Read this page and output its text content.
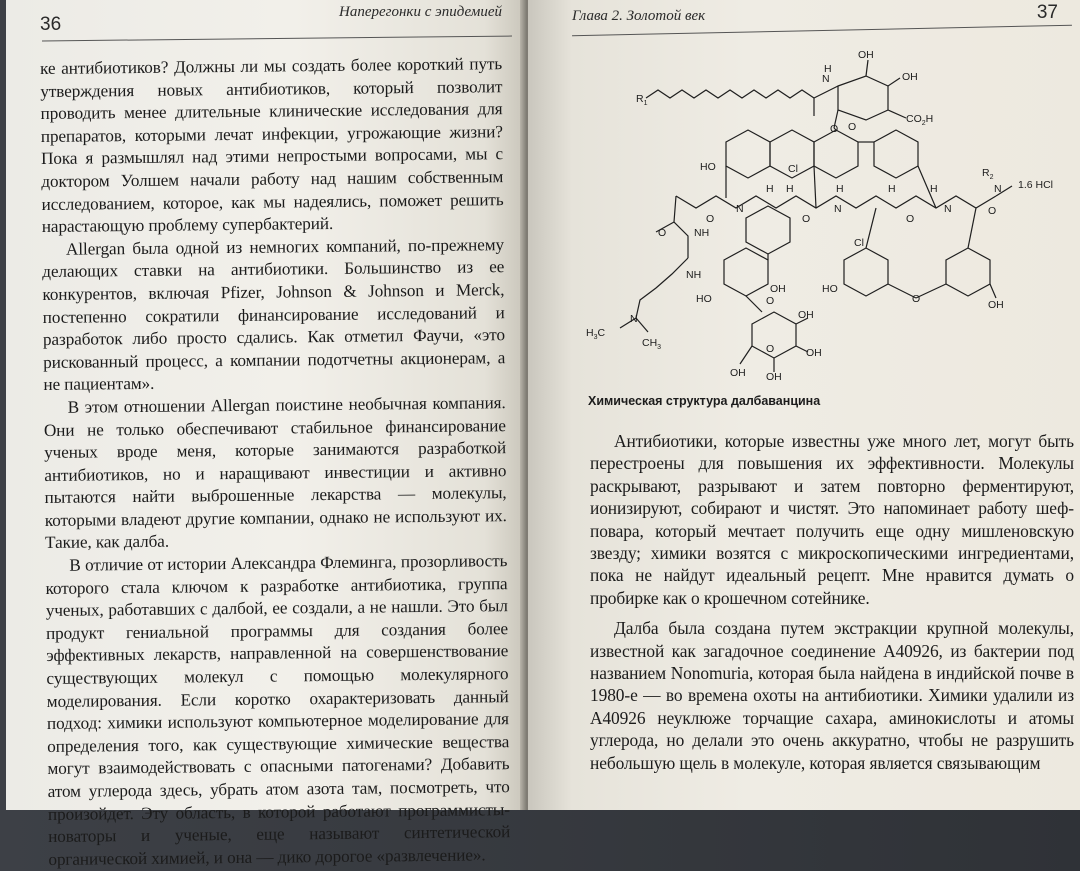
36
Наперегонки с эпидемией

ке антибиотиков? Должны ли мы создать более короткий путь утверждения новых антибиотиков, который позволит проводить менее длительные клинические исследования для препаратов, которыми лечат инфекции, угрожающие жизни? Пока я размышлял над этими непростыми вопросами, мы с доктором Уолшем начали работу над нашим собственным исследованием, которое, как мы надеялись, поможет решить нарастающую проблему супербактерий.

Allergan была одной из немногих компаний, по-прежнему делающих ставки на антибиотики. Большинство из ее конкурентов, включая Pfizer, Johnson & Johnson и Merck, постепенно сократили финансирование исследований и разработок либо просто сдались. Как отметил Фаучи, «это рискованный процесс, а компании подотчетны акционерам, а не пациентам».

В этом отношении Allergan поистине необычная компания. Они не только обеспечивают стабильное финансирование ученых вроде меня, которые занимаются разработкой антибиотиков, но и наращивают инвестиции и активно пытаются найти выброшенные лекарства — молекулы, которыми владеют другие компании, однако не используют их. Такие, как далба.

В отличие от истории Александра Флеминга, прозорливость которого стала ключом к разработке антибиотика, группа ученых, работавших с далбой, ее создали, а не нашли. Это был продукт гениальной программы для создания более эффективных лекарств, направленной на совершенствование существующих молекул с помощью молекулярного моделирования. Если коротко охарактеризовать данный подход: химики используют компьютерное моделирование для определения того, как существующие химические вещества могут взаимодействовать с опасными патогенами? Добавить атом углерода здесь, убрать атом азота там, посмотреть, что произойдет. Эту область, в которой работают программисты-новаторы и ученые, еще называют синтетической органической химией, и она — дико дорогое «развлечение».

Глава 2. Золотой век	37
$R_1$
OH
OH
$CO_2H$
N
H
O
HO	Cl
O
$R_2$
N 1.6 HCl
H H	H	H	H
N	N	N
O	O	O
O
NH
O
NH
Cl
HO
OH	HO
O	OH
O
OH
OH
O
OH
OH
N
$H_3C$
$CH_3$
Химическая структура далбаванцина

Антибиотики, которые известны уже много лет, могут быть перестроены для повышения их эффективности. Молекулы раскрывают, разрывают и затем повторно ферментируют, ионизируют, собирают и чистят. Это напоминает работу шеф-повара, который мечтает получить еще одну мишленовскую звезду; химики возятся с микроскопическими ингредиентами, пока не найдут идеальный рецепт. Мне нравится думать о пробирке как о крошечном сотейнике.

Далба была создана путем экстракции крупной молекулы, известной как загадочное соединение A40926, из бактерии под названием Nonomuria, которая была найдена в индийской почве в 1980-е — во времена охоты на антибиотики. Химики удалили из A40926 неуклюже торчащие сахара, аминокислоты и атомы углерода, но делали это очень аккуратно, чтобы не разрушить небольшую щель в молекуле, которая является связывающим
